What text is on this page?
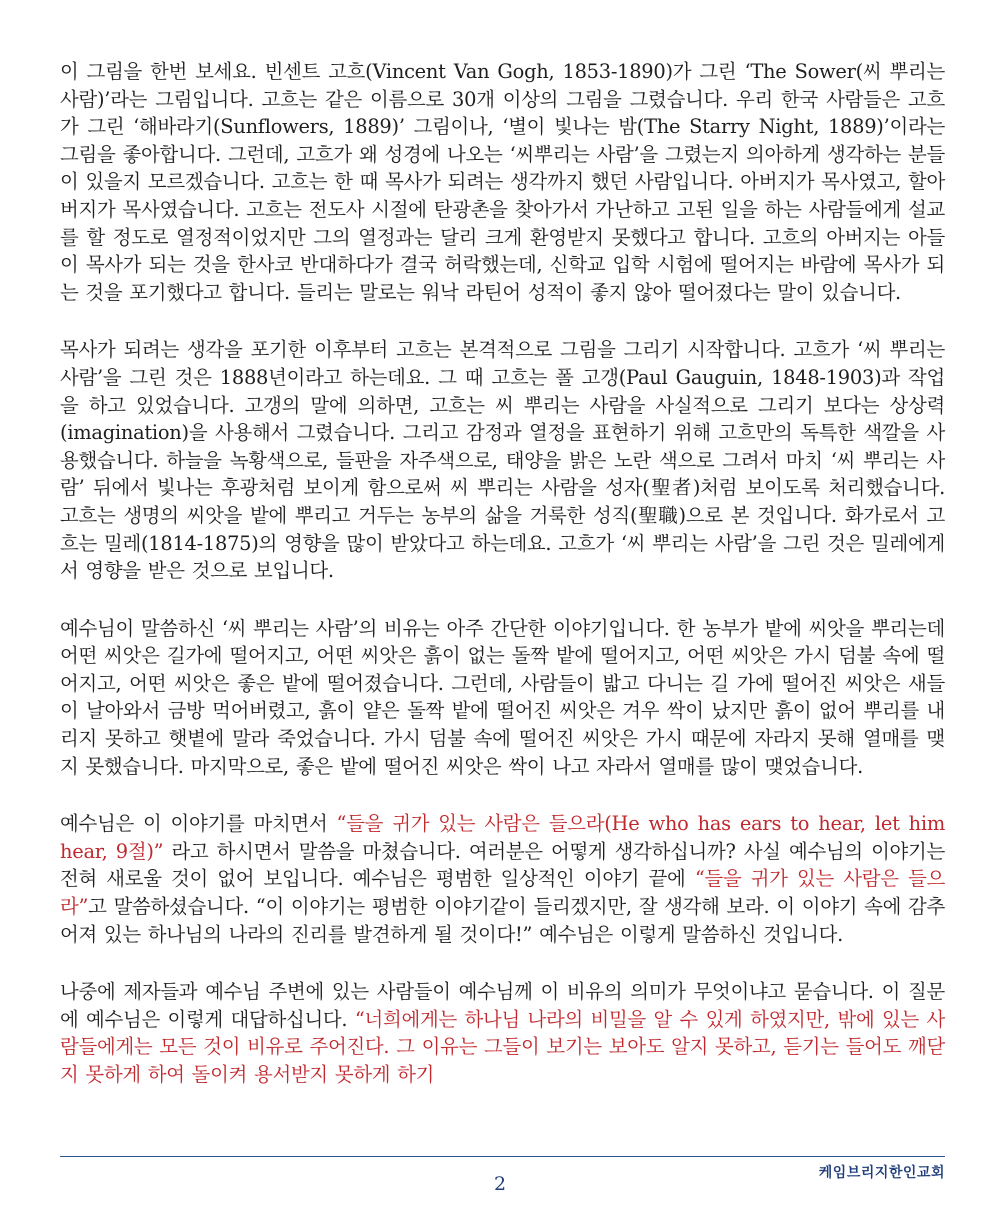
이 그림을 한번 보세요. 빈센트 고흐(Vincent Van Gogh, 1853-1890)가 그린 ‘The Sower(씨 뿌리는 사람)’라는 그림입니다. 고흐는 같은 이름으로 30개 이상의 그림을 그렸습니다. 우리 한국 사람들은 고흐가 그린 ‘해바라기(Sunflowers, 1889)’ 그림이나, ‘별이 빛나는 밤(The Starry Night, 1889)’이라는 그림을 좋아합니다. 그런데, 고흐가 왜 성경에 나오는 ‘씨뿌리는 사람’을 그렸는지 의아하게 생각하는 분들이 있을지 모르겠습니다. 고흐는 한 때 목사가 되려는 생각까지 했던 사람입니다. 아버지가 목사였고, 할아버지가 목사였습니다. 고흐는 전도사 시절에 탄광촌을 찾아가서 가난하고 고된 일을 하는 사람들에게 설교를 할 정도로 열정적이었지만 그의 열정과는 달리 크게 환영받지 못했다고 합니다. 고흐의 아버지는 아들이 목사가 되는 것을 한사코 반대하다가 결국 허락했는데, 신학교 입학 시험에 떨어지는 바람에 목사가 되는 것을 포기했다고 합니다. 들리는 말로는 워낙 라틴어 성적이 좋지 않아 떨어졌다는 말이 있습니다.

목사가 되려는 생각을 포기한 이후부터 고흐는 본격적으로 그림을 그리기 시작합니다. 고흐가 ‘씨 뿌리는 사람’을 그린 것은 1888년이라고 하는데요. 그 때 고흐는 폴 고갱(Paul Gauguin, 1848-1903)과 작업을 하고 있었습니다. 고갱의 말에 의하면, 고흐는 씨 뿌리는 사람을 사실적으로 그리기 보다는 상상력(imagination)을 사용해서 그렸습니다. 그리고 감정과 열정을 표현하기 위해 고흐만의 독특한 색깔을 사용했습니다. 하늘을 녹황색으로, 들판을 자주색으로, 태양을 밝은 노란 색으로 그려서 마치 ‘씨 뿌리는 사람’ 뒤에서 빛나는 후광처럼 보이게 함으로써 씨 뿌리는 사람을 성자(聖者)처럼 보이도록 처리했습니다. 고흐는 생명의 씨앗을 밭에 뿌리고 거두는 농부의 삶을 거룩한 성직(聖職)으로 본 것입니다. 화가로서 고흐는 밀레(1814-1875)의 영향을 많이 받았다고 하는데요. 고흐가 ‘씨 뿌리는 사람’을 그린 것은 밀레에게서 영향을 받은 것으로 보입니다.

예수님이 말씀하신 ‘씨 뿌리는 사람’의 비유는 아주 간단한 이야기입니다. 한 농부가 밭에 씨앗을 뿌리는데 어떤 씨앗은 길가에 떨어지고, 어떤 씨앗은 흙이 없는 돌짝 밭에 떨어지고, 어떤 씨앗은 가시 덤불 속에 떨어지고, 어떤 씨앗은 좋은 밭에 떨어졌습니다. 그런데, 사람들이 밟고 다니는 길 가에 떨어진 씨앗은 새들이 날아와서 금방 먹어버렸고, 흙이 얕은 돌짝 밭에 떨어진 씨앗은 겨우 싹이 났지만 흙이 없어 뿌리를 내리지 못하고 햇볕에 말라 죽었습니다. 가시 덤불 속에 떨어진 씨앗은 가시 때문에 자라지 못해 열매를 맺지 못했습니다. 마지막으로, 좋은 밭에 떨어진 씨앗은 싹이 나고 자라서 열매를 많이 맺었습니다.

예수님은 이 이야기를 마치면서 “들을 귀가 있는 사람은 들으라(He who has ears to hear, let him hear, 9절)” 라고 하시면서 말씀을 마쳤습니다. 여러분은 어떻게 생각하십니까? 사실 예수님의 이야기는 전혀 새로울 것이 없어 보입니다. 예수님은 평범한 일상적인 이야기 끝에 “들을 귀가 있는 사람은 들으라”고 말씀하셨습니다. “이 이야기는 평범한 이야기같이 들리겠지만, 잘 생각해 보라. 이 이야기 속에 감추어져 있는 하나님의 나라의 진리를 발견하게 될 것이다!” 예수님은 이렇게 말씀하신 것입니다.

나중에 제자들과 예수님 주변에 있는 사람들이 예수님께 이 비유의 의미가 무엇이냐고 묻습니다. 이 질문에 예수님은 이렇게 대답하십니다. “너희에게는 하나님 나라의 비밀을 알 수 있게 하였지만, 밖에 있는 사람들에게는 모든 것이 비유로 주어진다. 그 이유는 그들이 보기는 보아도 알지 못하고, 듣기는 들어도 깨닫지 못하게 하여 돌이켜 용서받지 못하게 하기

케임브리지한인교회
2
